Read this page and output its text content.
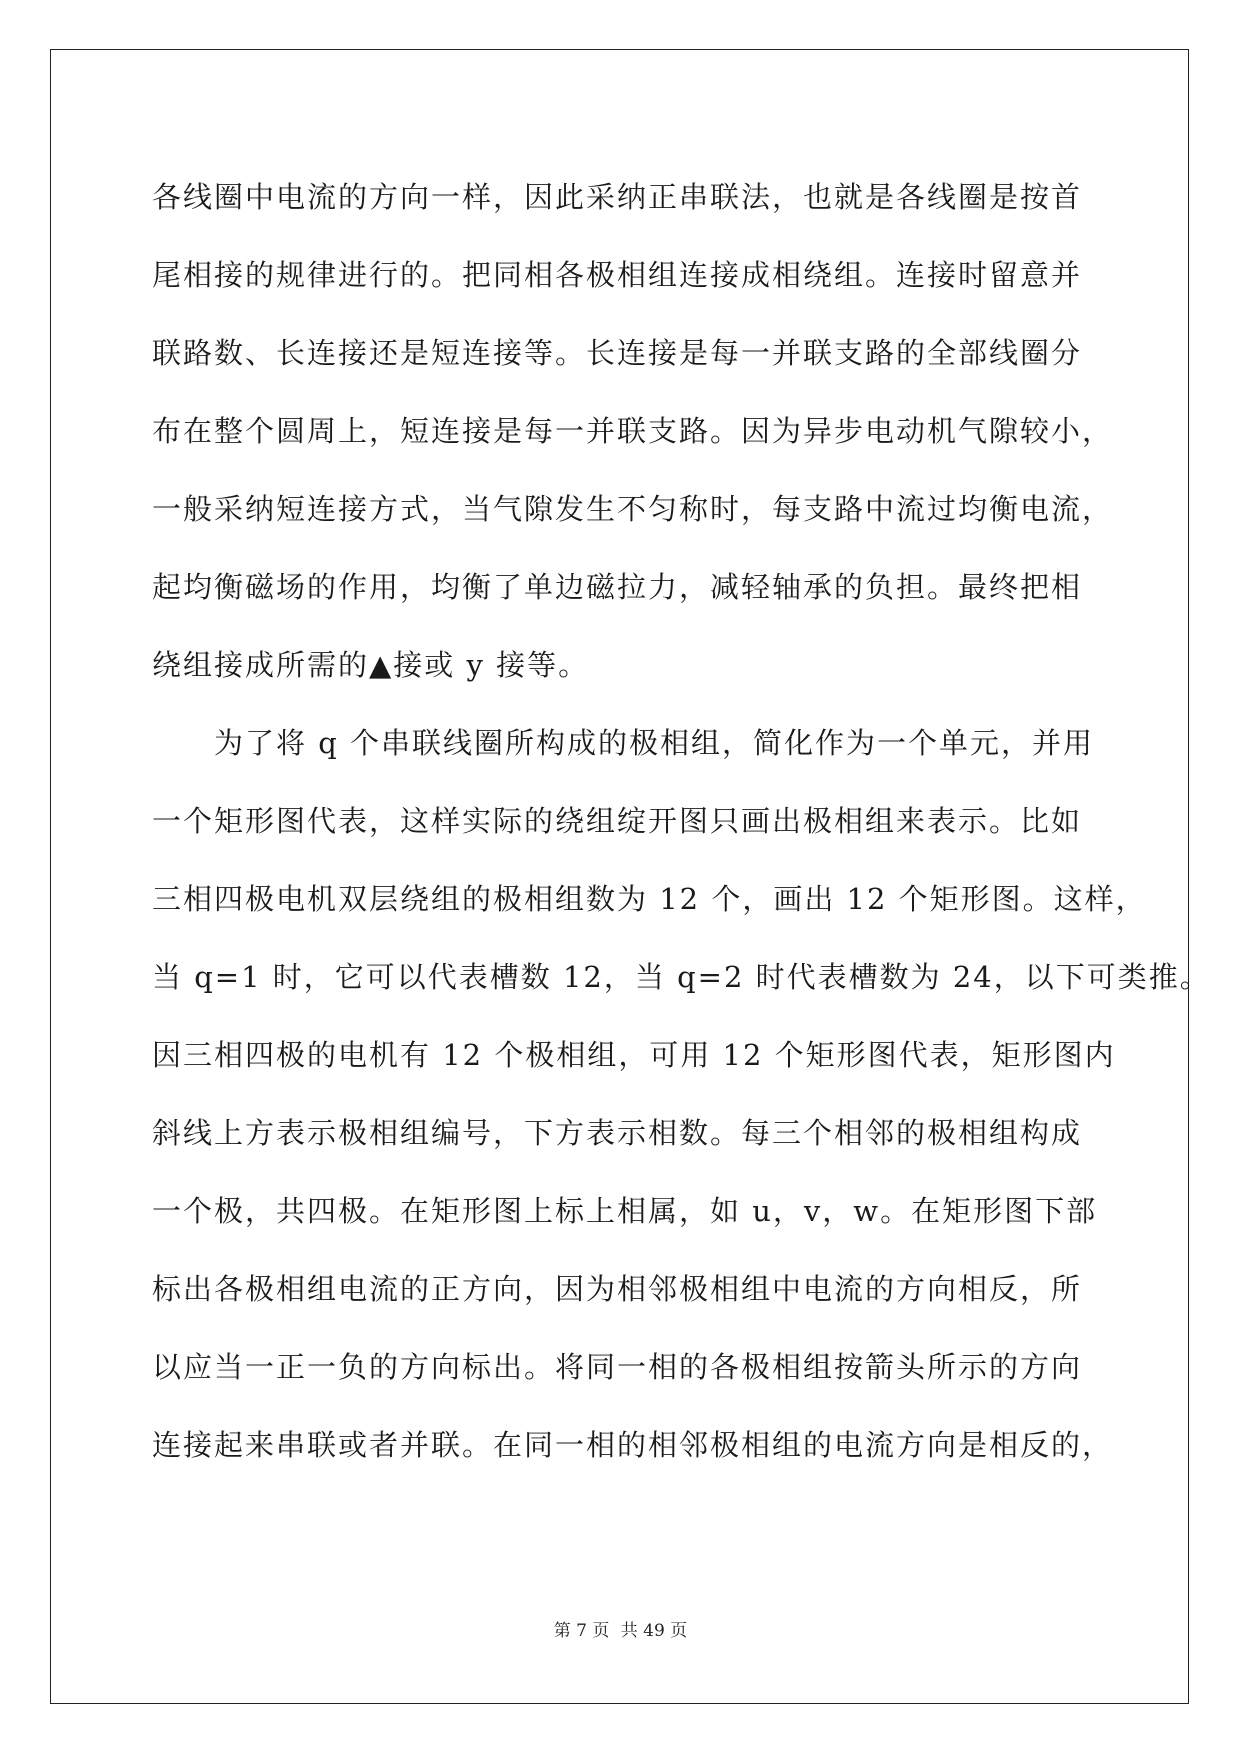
各线圈中电流的方向一样，因此采纳正串联法，也就是各线圈是按首
尾相接的规律进行的。把同相各极相组连接成相绕组。连接时留意并
联路数、长连接还是短连接等。长连接是每一并联支路的全部线圈分
布在整个圆周上，短连接是每一并联支路。因为异步电动机气隙较小，
一般采纳短连接方式，当气隙发生不匀称时，每支路中流过均衡电流，
起均衡磁场的作用，均衡了单边磁拉力，减轻轴承的负担。最终把相
绕组接成所需的▲接或 y 接等。
为了将 q 个串联线圈所构成的极相组，简化作为一个单元，并用
一个矩形图代表，这样实际的绕组绽开图只画出极相组来表示。比如
三相四极电机双层绕组的极相组数为 12 个，画出 12 个矩形图。这样，
当 q=1 时，它可以代表槽数 12，当 q=2 时代表槽数为 24，以下可类推。
因三相四极的电机有 12 个极相组，可用 12 个矩形图代表，矩形图内
斜线上方表示极相组编号，下方表示相数。每三个相邻的极相组构成
一个极，共四极。在矩形图上标上相属，如 u，v，w。在矩形图下部
标出各极相组电流的正方向，因为相邻极相组中电流的方向相反，所
以应当一正一负的方向标出。将同一相的各极相组按箭头所示的方向
连接起来串联或者并联。在同一相的相邻极相组的电流方向是相反的，
第 7 页 共 49 页
